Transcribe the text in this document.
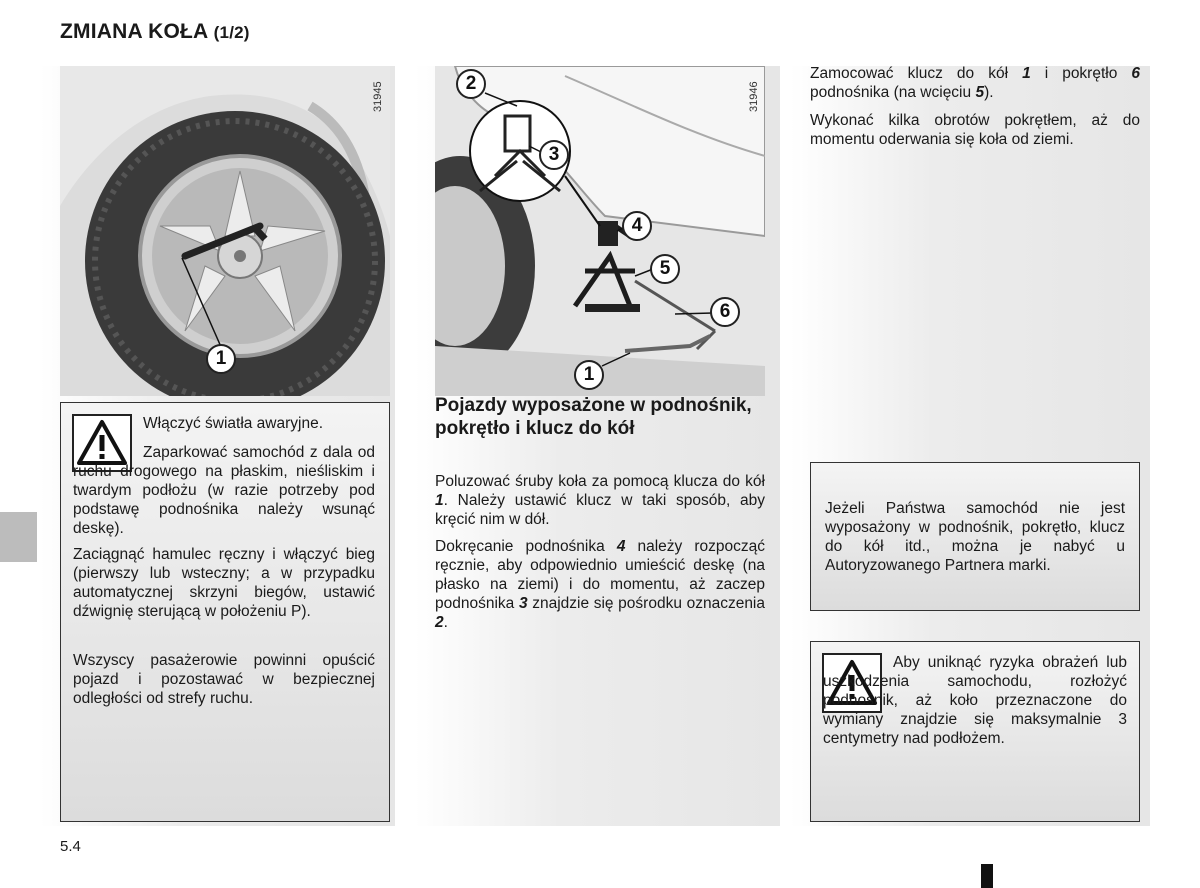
ZMIANA KOŁA (1/2)
1
31945	2
3
4
5
6
1
31946

Włączyć światła awaryjne.

Zaparkować samochód z dala od ruchu drogowego na płaskim, nieśliskim i twardym podłożu (w razie potrzeby pod podstawę podnośnika należy wsunąć deskę).

Zaciągnąć hamulec ręczny i włączyć bieg (pierwszy lub wsteczny; a w przypadku automatycznej skrzyni biegów, ustawić dźwignię sterującą w położeniu P).

Wszyscy pasażerowie powinni opuścić pojazd i pozostawać w bezpiecznej odległości od strefy ruchu.

Pojazdy wyposażone w podnośnik, pokrętło i klucz do kół

Poluzować śruby koła za pomocą klucza do kół 1. Należy ustawić klucz w taki sposób, aby kręcić nim w dół.

Dokręcanie podnośnika 4 należy rozpocząć ręcznie, aby odpowiednio umieścić deskę (na płasko na ziemi) i do momentu, aż zaczep podnośnika 3 znajdzie się pośrodku oznaczenia 2.

Zamocować klucz do kół 1 i pokrętło 6 podnośnika (na wcięciu 5).

Wykonać kilka obrotów pokrętłem, aż do momentu oderwania się koła od ziemi.

Jeżeli Państwa samochód nie jest wyposażony w podnośnik, pokrętło, klucz do kół itd., można je nabyć u Autoryzowanego Partnera marki.

Aby uniknąć ryzyka obrażeń lub uszkodzenia samochodu, rozłożyć podnośnik, aż koło przeznaczone do wymiany znajdzie się maksymalnie 3 centymetry nad podłożem.

5.4
